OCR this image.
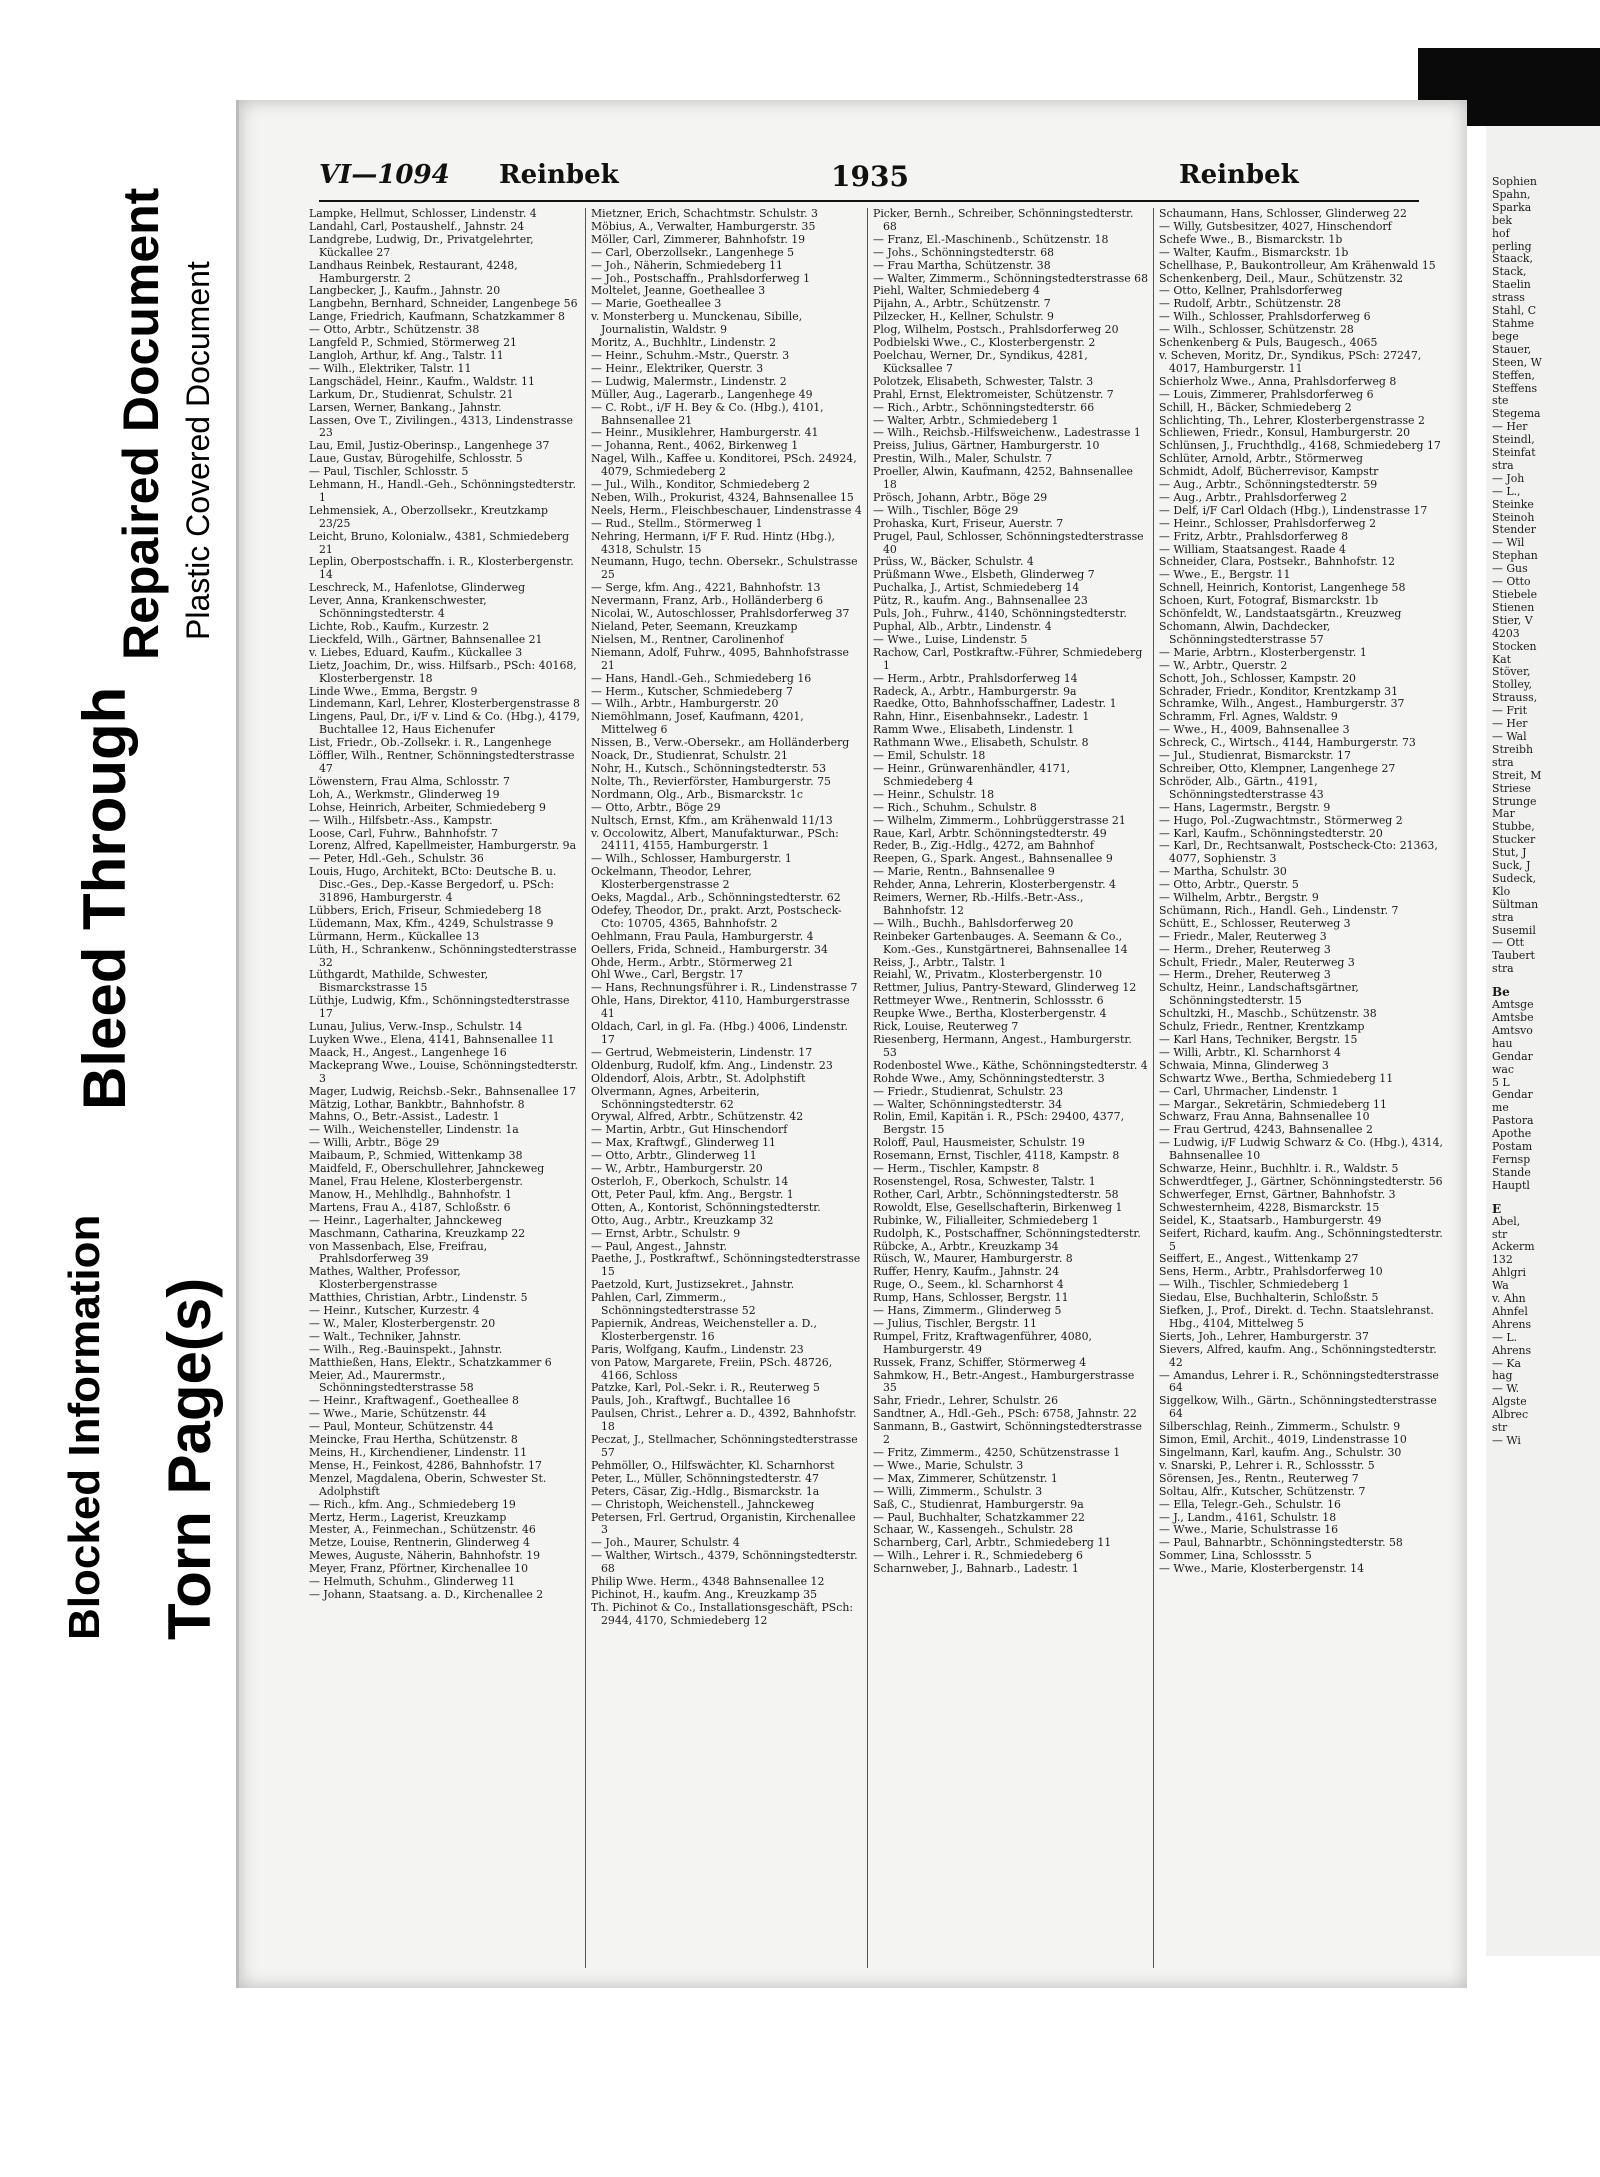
Repaired Document Plastic Covered Document
Bleed Through
Blocked Information Torn Page(s)
VI—1094 Reinbek	1935	Reinbek

Lampke, Hellmut, Schlosser, Lindenstr. 4

Landahl, Carl, Postaushelf., Jahnstr. 24

Landgrebe, Ludwig, Dr., Privatgelehrter, Kückallee 27

Landhaus Reinbek, Restaurant, 4248, Hamburgerstr. 2

Langbecker, J., Kaufm., Jahnstr. 20

Langbehn, Bernhard, Schneider, Langenbege 56

Lange, Friedrich, Kaufmann, Schatzkammer 8

— Otto, Arbtr., Schützenstr. 38

Langfeld P., Schmied, Störmerweg 21

Langloh, Arthur, kf. Ang., Talstr. 11

— Wilh., Elektriker, Talstr. 11

Langschädel, Heinr., Kaufm., Waldstr. 11

Larkum, Dr., Studienrat, Schulstr. 21

Larsen, Werner, Bankang., Jahnstr.

Lassen, Ove T., Zivilingen., 4313, Lindenstrasse 23

Lau, Emil, Justiz-Oberinsp., Langenhege 37

Laue, Gustav, Bürogehilfe, Schlosstr. 5

— Paul, Tischler, Schlosstr. 5

Lehmann, H., Handl.-Geh., Schönningstedterstr. 1

Lehmensiek, A., Oberzollsekr., Kreutzkamp 23/25

Leicht, Bruno, Kolonialw., 4381, Schmiedeberg 21

Leplin, Oberpostschaffn. i. R., Klosterbergenstr. 14

Leschreck, M., Hafenlotse, Glinderweg

Lever, Anna, Krankenschwester, Schönningstedterstr. 4

Lichte, Rob., Kaufm., Kurzestr. 2

Lieckfeld, Wilh., Gärtner, Bahnsenallee 21

v. Liebes, Eduard, Kaufm., Kückallee 3

Lietz, Joachim, Dr., wiss. Hilfsarb., PSch: 40168, Klosterbergenstr. 18

Linde Wwe., Emma, Bergstr. 9

Lindemann, Karl, Lehrer, Klosterbergenstrasse 8

Lingens, Paul, Dr., i/F v. Lind & Co. (Hbg.), 4179, Buchtallee 12, Haus Eichenufer

List, Friedr., Ob.-Zollsekr. i. R., Langenhege

Löffler, Wilh., Rentner, Schönningstedterstrasse 47

Löwenstern, Frau Alma, Schlosstr. 7

Loh, A., Werkmstr., Glinderweg 19

Lohse, Heinrich, Arbeiter, Schmiedeberg 9

— Wilh., Hilfsbetr.-Ass., Kampstr.

Loose, Carl, Fuhrw., Bahnhofstr. 7

Lorenz, Alfred, Kapellmeister, Hamburgerstr. 9a

— Peter, Hdl.-Geh., Schulstr. 36

Louis, Hugo, Architekt, BCto: Deutsche B. u. Disc.-Ges., Dep.-Kasse Bergedorf, u. PSch: 31896, Hamburgerstr. 4

Lübbers, Erich, Friseur, Schmiedeberg 18

Lüdemann, Max, Kfm., 4249, Schulstrasse 9

Lürmann, Herm., Kückallee 13

Lüth, H., Schrankenw., Schönningstedterstrasse 32

Lüthgardt, Mathilde, Schwester, Bismarckstrasse 15

Lüthje, Ludwig, Kfm., Schönningstedterstrasse 17

Lunau, Julius, Verw.-Insp., Schulstr. 14

Luyken Wwe., Elena, 4141, Bahnsenallee 11

Maack, H., Angest., Langenhege 16

Mackeprang Wwe., Louise, Schönningstedterstr. 3

Mager, Ludwig, Reichsb.-Sekr., Bahnsenallee 17

Mätzig, Lothar, Bankbtr., Bahnhofstr. 8

Mahns, O., Betr.-Assist., Ladestr. 1

— Wilh., Weichensteller, Lindenstr. 1a

— Willi, Arbtr., Böge 29

Maibaum, P., Schmied, Wittenkamp 38

Maidfeld, F., Oberschullehrer, Jahnckeweg

Manel, Frau Helene, Klosterbergenstr.

Manow, H., Mehlhdlg., Bahnhofstr. 1

Martens, Frau A., 4187, Schloßstr. 6

— Heinr., Lagerhalter, Jahnckeweg

Maschmann, Catharina, Kreuzkamp 22

von Massenbach, Else, Freifrau, Prahlsdorferweg 39

Mathes, Walther, Professor, Klosterbergenstrasse

Matthies, Christian, Arbtr., Lindenstr. 5

— Heinr., Kutscher, Kurzestr. 4

— W., Maler, Klosterbergenstr. 20

— Walt., Techniker, Jahnstr.

— Wilh., Reg.-Bauinspekt., Jahnstr.

Matthießen, Hans, Elektr., Schatzkammer 6

Meier, Ad., Maurermstr., Schönningstedterstrasse 58

— Heinr., Kraftwagenf., Goetheallee 8

— Wwe., Marie, Schützenstr. 44

— Paul, Monteur, Schützenstr. 44

Meincke, Frau Hertha, Schützenstr. 8

Meins, H., Kirchendiener, Lindenstr. 11

Mense, H., Feinkost, 4286, Bahnhofstr. 17

Menzel, Magdalena, Oberin, Schwester St. Adolphstift

— Rich., kfm. Ang., Schmiedeberg 19

Mertz, Herm., Lagerist, Kreuzkamp

Mester, A., Feinmechan., Schützenstr. 46

Metze, Louise, Rentnerin, Glinderweg 4

Mewes, Auguste, Näherin, Bahnhofstr. 19

Meyer, Franz, Pförtner, Kirchenallee 10

— Helmuth, Schuhm., Glinderweg 11

— Johann, Staatsang. a. D., Kirchenallee 2

Mietzner, Erich, Schachtmstr. Schulstr. 3

Möbius, A., Verwalter, Hamburgerstr. 35

Möller, Carl, Zimmerer, Bahnhofstr. 19

— Carl, Oberzollsekr., Langenhege 5

— Joh., Näherin, Schmiedeberg 11

— Joh., Postschaffn., Prahlsdorferweg 1

Moltelet, Jeanne, Goetheallee 3

— Marie, Goetheallee 3

v. Monsterberg u. Munckenau, Sibille, Journalistin, Waldstr. 9

Moritz, A., Buchhltr., Lindenstr. 2

— Heinr., Schuhm.-Mstr., Querstr. 3

— Heinr., Elektriker, Querstr. 3

— Ludwig, Malermstr., Lindenstr. 2

Müller, Aug., Lagerarb., Langenhege 49

— C. Robt., i/F H. Bey & Co. (Hbg.), 4101, Bahnsenallee 21

— Heinr., Musiklehrer, Hamburgerstr. 41

— Johanna, Rent., 4062, Birkenweg 1

Nagel, Wilh., Kaffee u. Konditorei, PSch. 24924, 4079, Schmiedeberg 2

— Jul., Wilh., Konditor, Schmiedeberg 2

Neben, Wilh., Prokurist, 4324, Bahnsenallee 15

Neels, Herm., Fleischbeschauer, Lindenstrasse 4

— Rud., Stellm., Störmerweg 1

Nehring, Hermann, i/F F. Rud. Hintz (Hbg.), 4318, Schulstr. 15

Neumann, Hugo, techn. Obersekr., Schulstrasse 25

— Serge, kfm. Ang., 4221, Bahnhofstr. 13

Nevermann, Franz, Arb., Holländerberg 6

Nicolai, W., Autoschlosser, Prahlsdorferweg 37

Nieland, Peter, Seemann, Kreuzkamp

Nielsen, M., Rentner, Carolinenhof

Niemann, Adolf, Fuhrw., 4095, Bahnhofstrasse 21

— Hans, Handl.-Geh., Schmiedeberg 16

— Herm., Kutscher, Schmiedeberg 7

— Wilh., Arbtr., Hamburgerstr. 20

Niemöhlmann, Josef, Kaufmann, 4201, Mittelweg 6

Nissen, B., Verw.-Obersekr., am Holländerberg

Noack, Dr., Studienrat, Schulstr. 21

Nohr, H., Kutsch., Schönningstedterstr. 53

Nolte, Th., Revierförster, Hamburgerstr. 75

Nordmann, Olg., Arb., Bismarckstr. 1c

— Otto, Arbtr., Böge 29

Nultsch, Ernst, Kfm., am Krähenwald 11/13

v. Occolowitz, Albert, Manufakturwar., PSch: 24111, 4155, Hamburgerstr. 1

— Wilh., Schlosser, Hamburgerstr. 1

Ockelmann, Theodor, Lehrer, Klosterbergenstrasse 2

Oeks, Magdal., Arb., Schönningstedterstr. 62

Odefey, Theodor, Dr., prakt. Arzt, Postscheck-Cto: 10705, 4365, Bahnhofstr. 2

Oehlmann, Frau Paula, Hamburgerstr. 4

Oellers, Frida, Schneid., Hamburgerstr. 34

Ohde, Herm., Arbtr., Störmerweg 21

Ohl Wwe., Carl, Bergstr. 17

— Hans, Rechnungsführer i. R., Lindenstrasse 7

Ohle, Hans, Direktor, 4110, Hamburgerstrasse 41

Oldach, Carl, in gl. Fa. (Hbg.) 4006, Lindenstr. 17

— Gertrud, Webmeisterin, Lindenstr. 17

Oldenburg, Rudolf, kfm. Ang., Lindenstr. 23

Oldendorf, Alois, Arbtr., St. Adolphstift

Olvermann, Agnes, Arbeiterin, Schönningstedterstr. 62

Orywal, Alfred, Arbtr., Schützenstr. 42

— Martin, Arbtr., Gut Hinschendorf

— Max, Kraftwgf., Glinderweg 11

— Otto, Arbtr., Glinderweg 11

— W., Arbtr., Hamburgerstr. 20

Osterloh, F., Oberkoch, Schulstr. 14

Ott, Peter Paul, kfm. Ang., Bergstr. 1

Otten, A., Kontorist, Schönningstedterstr.

Otto, Aug., Arbtr., Kreuzkamp 32

— Ernst, Arbtr., Schulstr. 9

— Paul, Angest., Jahnstr.

Paethe, J., Postkraftwf., Schönningstedterstrasse 15

Paetzold, Kurt, Justizsekret., Jahnstr.

Pahlen, Carl, Zimmerm., Schönningstedterstrasse 52

Papiernik, Andreas, Weichensteller a. D., Klosterbergenstr. 16

Paris, Wolfgang, Kaufm., Lindenstr. 23

von Patow, Margarete, Freiin, PSch. 48726, 4166, Schloss

Patzke, Karl, Pol.-Sekr. i. R., Reuterweg 5

Pauls, Joh., Kraftwgf., Buchtallee 16

Paulsen, Christ., Lehrer a. D., 4392, Bahnhofstr. 18

Peczat, J., Stellmacher, Schönningstedterstrasse 57

Pehmöller, O., Hilfswächter, Kl. Scharnhorst

Peter, L., Müller, Schönningstedterstr. 47

Peters, Cäsar, Zig.-Hdlg., Bismarckstr. 1a

— Christoph, Weichenstell., Jahnckeweg

Petersen, Frl. Gertrud, Organistin, Kirchenallee 3

— Joh., Maurer, Schulstr. 4

— Walther, Wirtsch., 4379, Schönningstedterstr. 68

Philip Wwe. Herm., 4348 Bahnsenallee 12

Pichinot, H., kaufm. Ang., Kreuzkamp 35

Th. Pichinot & Co., Installationsgeschäft, PSch: 2944, 4170, Schmiedeberg 12

Picker, Bernh., Schreiber, Schönningstedterstr. 68

— Franz, El.-Maschinenb., Schützenstr. 18

— Johs., Schönningstedterstr. 68

— Frau Martha, Schützenstr. 38

— Walter, Zimmerm., Schönningstedterstrasse 68

Piehl, Walter, Schmiedeberg 4

Pijahn, A., Arbtr., Schützenstr. 7

Pilzecker, H., Kellner, Schulstr. 9

Plog, Wilhelm, Postsch., Prahlsdorferweg 20

Podbielski Wwe., C., Klosterbergenstr. 2

Poelchau, Werner, Dr., Syndikus, 4281, Kücksallee 7

Polotzek, Elisabeth, Schwester, Talstr. 3

Prahl, Ernst, Elektromeister, Schützenstr. 7

— Rich., Arbtr., Schönningstedterstr. 66

— Walter, Arbtr., Schmiedeberg 1

— Wilh., Reichsb.-Hilfsweichenw., Ladestrasse 1

Preiss, Julius, Gärtner, Hamburgerstr. 10

Prestin, Wilh., Maler, Schulstr. 7

Proeller, Alwin, Kaufmann, 4252, Bahnsenallee 18

Prösch, Johann, Arbtr., Böge 29

— Wilh., Tischler, Böge 29

Prohaska, Kurt, Friseur, Auerstr. 7

Prugel, Paul, Schlosser, Schönningstedterstrasse 40

Prüss, W., Bäcker, Schulstr. 4

Prüßmann Wwe., Elsbeth, Glinderweg 7

Puchalka, J., Artist, Schmiedeberg 14

Pütz, R., kaufm. Ang., Bahnsenallee 23

Puls, Joh., Fuhrw., 4140, Schönningstedterstr.

Puphal, Alb., Arbtr., Lindenstr. 4

— Wwe., Luise, Lindenstr. 5

Rachow, Carl, Postkraftw.-Führer, Schmiedeberg 1

— Herm., Arbtr., Prahlsdorferweg 14

Radeck, A., Arbtr., Hamburgerstr. 9a

Raedke, Otto, Bahnhofsschaffner, Ladestr. 1

Rahn, Hinr., Eisenbahnsekr., Ladestr. 1

Ramm Wwe., Elisabeth, Lindenstr. 1

Rathmann Wwe., Elisabeth, Schulstr. 8

— Emil, Schulstr. 18

— Heinr., Grünwarenhändler, 4171, Schmiedeberg 4

— Heinr., Schulstr. 18

— Rich., Schuhm., Schulstr. 8

— Wilhelm, Zimmerm., Lohbrüggerstrasse 21

Raue, Karl, Arbtr. Schönningstedterstr. 49

Reder, B., Zig.-Hdlg., 4272, am Bahnhof

Reepen, G., Spark. Angest., Bahnsenallee 9

— Marie, Rentn., Bahnsenallee 9

Rehder, Anna, Lehrerin, Klosterbergenstr. 4

Reimers, Werner, Rb.-Hilfs.-Betr.-Ass., Bahnhofstr. 12

— Wilh., Buchh., Bahlsdorferweg 20

Reinbeker Gartenbauges. A. Seemann & Co., Kom.-Ges., Kunstgärtnerei, Bahnsenallee 14

Reiss, J., Arbtr., Talstr. 1

Reiahl, W., Privatm., Klosterbergenstr. 10

Rettmer, Julius, Pantry-Steward, Glinderweg 12

Rettmeyer Wwe., Rentnerin, Schlossstr. 6

Reupke Wwe., Bertha, Klosterbergenstr. 4

Rick, Louise, Reuterweg 7

Riesenberg, Hermann, Angest., Hamburgerstr. 53

Rodenbostel Wwe., Käthe, Schönningstedterstr. 4

Rohde Wwe., Amy, Schönningstedterstr. 3

— Friedr., Studienrat, Schulstr. 23

— Walter, Schönningstedterstr. 34

Rolin, Emil, Kapitän i. R., PSch: 29400, 4377, Bergstr. 15

Roloff, Paul, Hausmeister, Schulstr. 19

Rosemann, Ernst, Tischler, 4118, Kampstr. 8

— Herm., Tischler, Kampstr. 8

Rosenstengel, Rosa, Schwester, Talstr. 1

Rother, Carl, Arbtr., Schönningstedterstr. 58

Rowoldt, Else, Gesellschafterin, Birkenweg 1

Rubinke, W., Filialleiter, Schmiedeberg 1

Rudolph, K., Postschaffner, Schönningstedterstr.

Rübcke, A., Arbtr., Kreuzkamp 34

Rüsch, W., Maurer, Hamburgerstr. 8

Ruffer, Henry, Kaufm., Jahnstr. 24

Ruge, O., Seem., kl. Scharnhorst 4

Rump, Hans, Schlosser, Bergstr. 11

— Hans, Zimmerm., Glinderweg 5

— Julius, Tischler, Bergstr. 11

Rumpel, Fritz, Kraftwagenführer, 4080, Hamburgerstr. 49

Russek, Franz, Schiffer, Störmerweg 4

Sahmkow, H., Betr.-Angest., Hamburgerstrasse 35

Sahr, Friedr., Lehrer, Schulstr. 26

Sandtner, A., Hdl.-Geh., PSch: 6758, Jahnstr. 22

Sanmann, B., Gastwirt, Schönningstedterstrasse 2

— Fritz, Zimmerm., 4250, Schützenstrasse 1

— Wwe., Marie, Schulstr. 3

— Max, Zimmerer, Schützenstr. 1

— Willi, Zimmerm., Schulstr. 3

Saß, C., Studienrat, Hamburgerstr. 9a

— Paul, Buchhalter, Schatzkammer 22

Schaar, W., Kassengeh., Schulstr. 28

Scharnberg, Carl, Arbtr., Schmiedeberg 11

— Wilh., Lehrer i. R., Schmiedeberg 6

Scharnweber, J., Bahnarb., Ladestr. 1

Schaumann, Hans, Schlosser, Glinderweg 22

— Willy, Gutsbesitzer, 4027, Hinschendorf

Schefe Wwe., B., Bismarckstr. 1b

— Walter, Kaufm., Bismarckstr. 1b

Schellhase, P., Baukontrolleur, Am Krähenwald 15

Schenkenberg, Deil., Maur., Schützenstr. 32

— Otto, Kellner, Prahlsdorferweg

— Rudolf, Arbtr., Schützenstr. 28

— Wilh., Schlosser, Prahlsdorferweg 6

— Wilh., Schlosser, Schützenstr. 28

Schenkenberg & Puls, Baugesch., 4065

v. Scheven, Moritz, Dr., Syndikus, PSch: 27247, 4017, Hamburgerstr. 11

Schierholz Wwe., Anna, Prahlsdorferweg 8

— Louis, Zimmerer, Prahlsdorferweg 6

Schill, H., Bäcker, Schmiedeberg 2

Schlichting, Th., Lehrer, Klosterbergenstrasse 2

Schliewen, Friedr., Konsul, Hamburgerstr. 20

Schlünsen, J., Fruchthdlg., 4168, Schmiedeberg 17

Schlüter, Arnold, Arbtr., Störmerweg

Schmidt, Adolf, Bücherrevisor, Kampstr

— Aug., Arbtr., Schönningstedterstr. 59

— Aug., Arbtr., Prahlsdorferweg 2

— Delf, i/F Carl Oldach (Hbg.), Lindenstrasse 17

— Heinr., Schlosser, Prahlsdorferweg 2

— Fritz, Arbtr., Prahlsdorferweg 8

— William, Staatsangest. Raade 4

Schneider, Clara, Postsekr., Bahnhofstr. 12

— Wwe., E., Bergstr. 11

Schnell, Heinrich, Kontorist, Langenhege 58

Schoen, Kurt, Fotograf, Bismarckstr. 1b

Schönfeldt, W., Landstaatsgärtn., Kreuzweg

Schomann, Alwin, Dachdecker, Schönningstedterstrasse 57

— Marie, Arbtrn., Klosterbergenstr. 1

— W., Arbtr., Querstr. 2

Schott, Joh., Schlosser, Kampstr. 20

Schrader, Friedr., Konditor, Krentzkamp 31

Schramke, Wilh., Angest., Hamburgerstr. 37

Schramm, Frl. Agnes, Waldstr. 9

— Wwe., H., 4009, Bahnsenallee 3

Schreck, C., Wirtsch., 4144, Hamburgerstr. 73

— Jul., Studienrat, Bismarckstr. 17

Schreiber, Otto, Klempner, Langenhege 27

Schröder, Alb., Gärtn., 4191, Schönningstedterstrasse 43

— Hans, Lagermstr., Bergstr. 9

— Hugo, Pol.-Zugwachtmstr., Störmerweg 2

— Karl, Kaufm., Schönningstedterstr. 20

— Karl, Dr., Rechtsanwalt, Postscheck-Cto: 21363, 4077, Sophienstr. 3

— Martha, Schulstr. 30

— Otto, Arbtr., Querstr. 5

— Wilhelm, Arbtr., Bergstr. 9

Schümann, Rich., Handl. Geh., Lindenstr. 7

Schütt, E., Schlosser, Reuterweg 3

— Friedr., Maler, Reuterweg 3

— Herm., Dreher, Reuterweg 3

Schult, Friedr., Maler, Reuterweg 3

— Herm., Dreher, Reuterweg 3

Schultz, Heinr., Landschaftsgärtner, Schönningstedterstr. 15

Schultzki, H., Maschb., Schützenstr. 38

Schulz, Friedr., Rentner, Krentzkamp

— Karl Hans, Techniker, Bergstr. 15

— Willi, Arbtr., Kl. Scharnhorst 4

Schwaia, Minna, Glinderweg 3

Schwartz Wwe., Bertha, Schmiedeberg 11

— Carl, Uhrmacher, Lindenstr. 1

— Margar., Sekretärin, Schmiedeberg 11

Schwarz, Frau Anna, Bahnsenallee 10

— Frau Gertrud, 4243, Bahnsenallee 2

— Ludwig, i/F Ludwig Schwarz & Co. (Hbg.), 4314, Bahnsenallee 10

Schwarze, Heinr., Buchhltr. i. R., Waldstr. 5

Schwerdtfeger, J., Gärtner, Schönningstedterstr. 56

Schwerfeger, Ernst, Gärtner, Bahnhofstr. 3

Schwesternheim, 4228, Bismarckstr. 15

Seidel, K., Staatsarb., Hamburgerstr. 49

Seifert, Richard, kaufm. Ang., Schönningstedterstr. 5

Seiffert, E., Angest., Wittenkamp 27

Sens, Herm., Arbtr., Prahlsdorferweg 10

— Wilh., Tischler, Schmiedeberg 1

Siedau, Else, Buchhalterin, Schloßstr. 5

Siefken, J., Prof., Direkt. d. Techn. Staatslehranst. Hbg., 4104, Mittelweg 5

Sierts, Joh., Lehrer, Hamburgerstr. 37

Sievers, Alfred, kaufm. Ang., Schönningstedterstr. 42

— Amandus, Lehrer i. R., Schönningstedterstrasse 64

Siggelkow, Wilh., Gärtn., Schönningstedterstrasse 64

Silberschlag, Reinh., Zimmerm., Schulstr. 9

Simon, Emil, Archit., 4019, Lindenstrasse 10

Singelmann, Karl, kaufm. Ang., Schulstr. 30

v. Snarski, P., Lehrer i. R., Schlossstr. 5

Sörensen, Jes., Rentn., Reuterweg 7

Soltau, Alfr., Kutscher, Schützenstr. 7

— Ella, Telegr.-Geh., Schulstr. 16

— J., Landm., 4161, Schulstr. 18

— Wwe., Marie, Schulstrasse 16

— Paul, Bahnarbtr., Schönningstedterstr. 58

Sommer, Lina, Schlossstr. 5

— Wwe., Marie, Klosterbergenstr. 14

Sophien

Spahn,

Sparka

bek

hof

perling

Staack,

Stack,

Staelin

strass

Stahl, C

Stahme

bege

Stauer,

Steen, W

Steffen,

Steffens

ste

Stegema

— Her

Steindl,

Steinfat

stra

— Joh

— L.,

Steinke

Steinoh

Stender

— Wil

Stephan

— Gus

— Otto

Stiebele

Stienen

Stier, V

4203

Stocken

Kat

Stöver,

Stolley,

Strauss,

— Frit

— Her

— Wal

Streibh

stra

Streit, M

Striese

Strunge

Mar

Stubbe,

Stucker

Stut, J

Suck, J

Sudeck,

Klo

Sültman

stra

Susemil

— Ott

Taubert

stra

Be

Amtsge

Amtsbe

Amtsvo

hau

Gendar

wac

5 L

Gendar

me

Pastora

Apothe

Postam

Fernsp

Stande

Hauptl

E

Abel,

str

Ackerm

132

Ahlgri

Wa

v. Ahn

Ahnfel

Ahrens

— L.

Ahrens

— Ka

hag

— W.

Algste

Albrec

str

— Wi
